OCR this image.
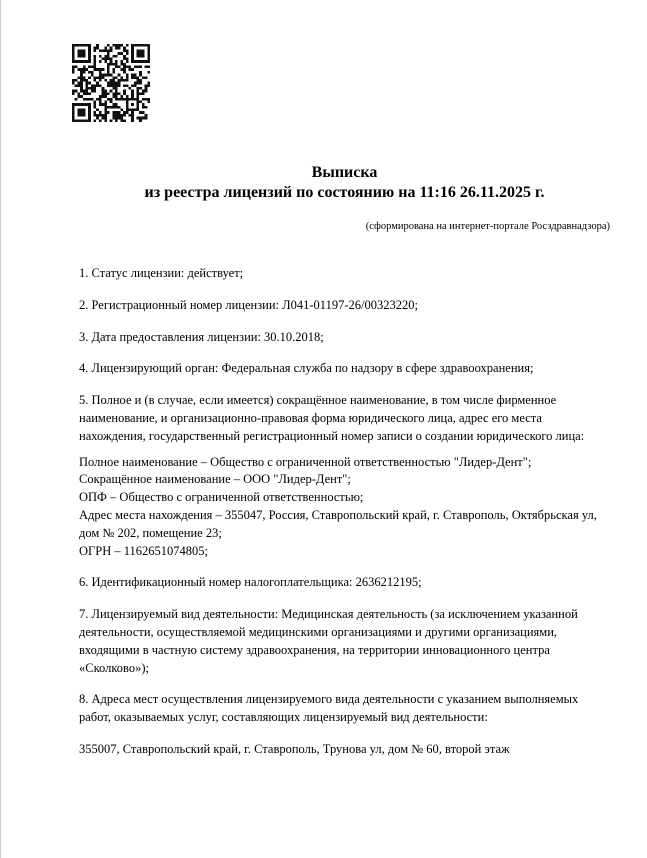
Выписка
из реестра лицензий по состоянию на 11:16 26.11.2025 г.
(сформирована на интернет-портале Росздравнадзора)

1. Статус лицензии: действует;

2. Регистрационный номер лицензии: Л041-01197-26/00323220;

3. Дата предоставления лицензии: 30.10.2018;

4. Лицензирующий орган: Федеральная служба по надзору в сфере здравоохранения;

5. Полное и (в случае, если имеется) сокращённое наименование, в том числе фирменное наименование, и организационно-правовая форма юридического лица, адрес его места нахождения, государственный регистрационный номер записи о создании юридического лица:

Полное наименование – Общество с ограниченной ответственностью "Лидер-Дент";
Сокращённое наименование – ООО "Лидер-Дент";
ОПФ – Общество с ограниченной ответственностью;
Адрес места нахождения – 355047, Россия, Ставропольский край, г. Ставрополь, Октябрьская ул, дом № 202, помещение 23;
ОГРН – 1162651074805;

6. Идентификационный номер налогоплательщика: 2636212195;

7. Лицензируемый вид деятельности: Медицинская деятельность (за исключением указанной деятельности, осуществляемой медицинскими организациями и другими организациями, входящими в частную систему здравоохранения, на территории инновационного центра «Сколково»);

8. Адреса мест осуществления лицензируемого вида деятельности с указанием выполняемых работ, оказываемых услуг, составляющих лицензируемый вид деятельности:

355007, Ставропольский край, г. Ставрополь, Трунова ул, дом № 60, второй этаж
